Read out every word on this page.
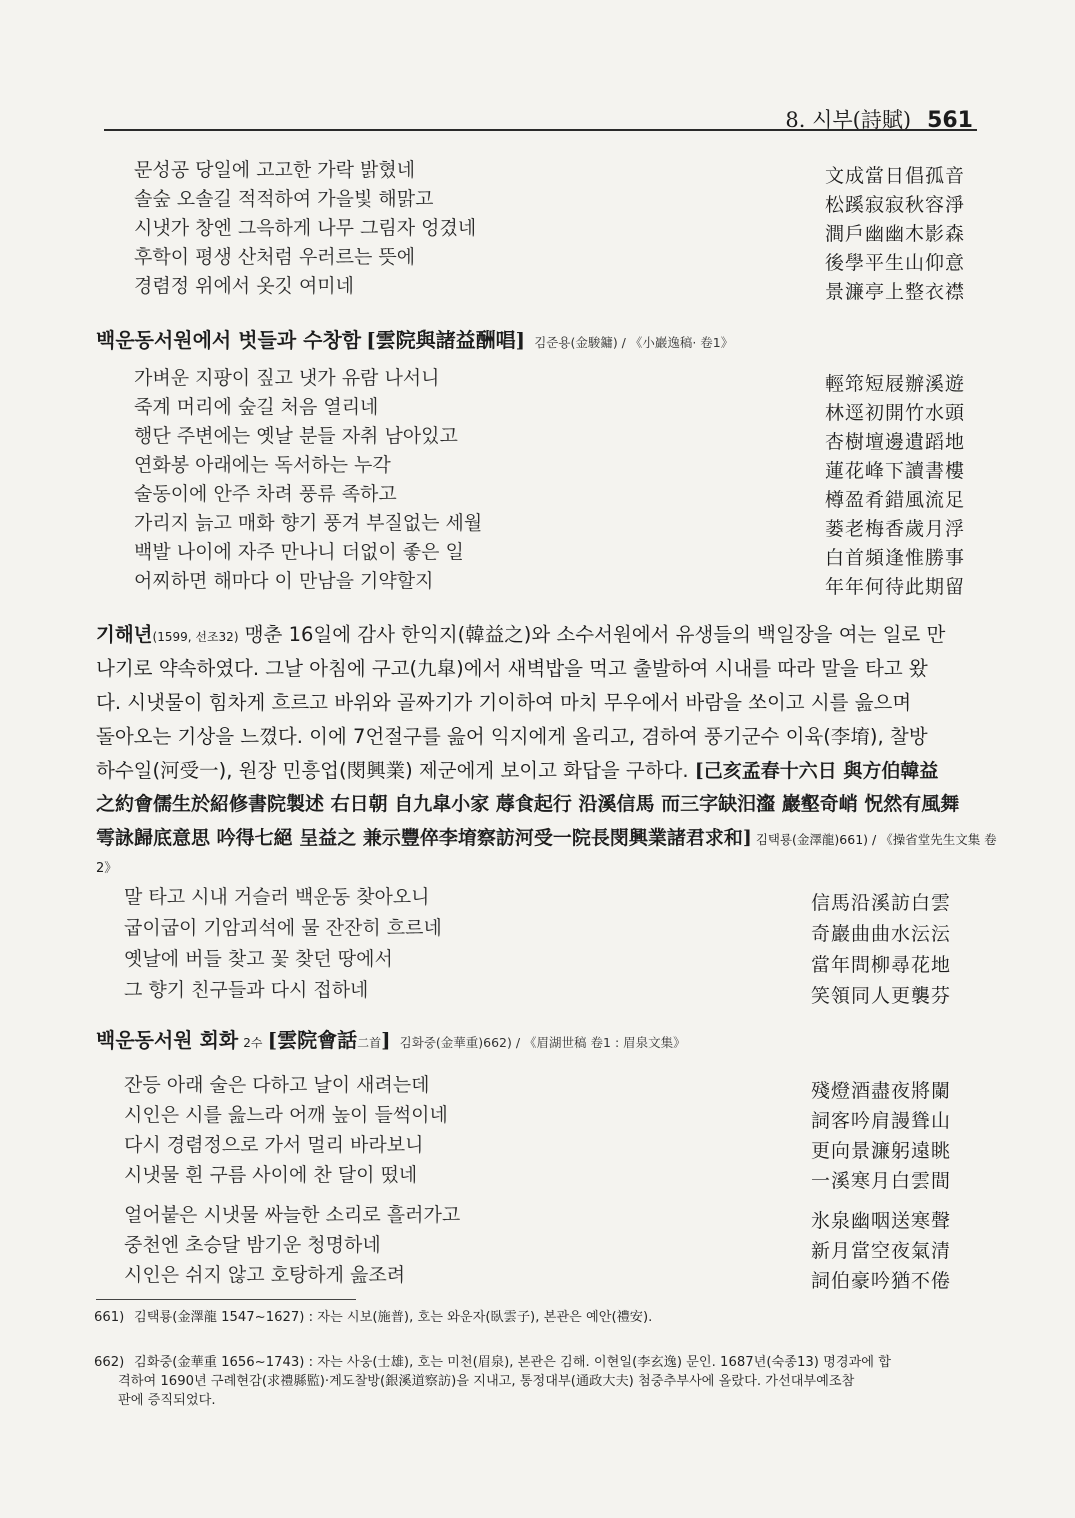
8. 시부(詩賦) 561
문성공 당일에 고고한 가락 밝혔네	文成當日倡孤音
솔숲 오솔길 적적하여 가을빛 해맑고	松蹊寂寂秋容淨
시냇가 창엔 그윽하게 나무 그림자 엉겼네	澗戶幽幽木影森
후학이 평생 산처럼 우러르는 뜻에	後學平生山仰意
경렴정 위에서 옷깃 여미네	景濂亭上整衣襟
백운동서원에서 벗들과 수창함 [雲院與諸益酬唱] 김준용(金駿鏞) / 《小巖逸稿· 卷1》
가벼운 지팡이 짚고 냇가 유람 나서니	輕筇短屐辦溪遊
죽계 머리에 숲길 처음 열리네	林逕初開竹水頭
행단 주변에는 옛날 분들 자취 남아있고	杏樹壇邊遺蹈地
연화봉 아래에는 독서하는 누각	蓮花峰下讀書樓
술동이에 안주 차려 풍류 족하고	樽盈肴錯風流足
가리지 늙고 매화 향기 풍겨 부질없는 세월	蒌老梅香歲月浮
백발 나이에 자주 만나니 더없이 좋은 일	白首頻逢惟勝事
어찌하면 해마다 이 만남을 기약할지	年年何待此期留
기해년(1599, 선조32) 맹춘 16일에 감사 한익지(韓益之)와 소수서원에서 유생들의 백일장을 여는 일로 만
나기로 약속하였다. 그날 아침에 구고(九皐)에서 새벽밥을 먹고 출발하여 시내를 따라 말을 타고 왔
다. 시냇물이 힘차게 흐르고 바위와 골짜기가 기이하여 마치 무우에서 바람을 쏘이고 시를 읊으며
돌아오는 기상을 느꼈다. 이에 7언절구를 읊어 익지에게 올리고, 겸하여 풍기군수 이육(李堉), 찰방
하수일(河受一), 원장 민흥업(閔興業) 제군에게 보이고 화답을 구하다. [己亥孟春十六日 與方伯韓益
之約會儒生於紹修書院製述 右日朝 自九皐小家 蓐食起行 沿溪信馬 而三字缺汨瀣 巖壑奇峭 怳然有風舞
雩詠歸底意思 吟得七絕 呈益之 兼示豐倅李堉察訪河受一院長閔興業諸君求和] 김택룡(金澤龍)661) / 《操省堂先生文集 卷
2》
말 타고 시내 거슬러 백운동 찾아오니	信馬沿溪訪白雲
굽이굽이 기암괴석에 물 잔잔히 흐르네	奇巖曲曲水沄沄
옛날에 버들 찾고 꽃 찾던 땅에서	當年問柳尋花地
그 향기 친구들과 다시 접하네	笑領同人更襲芬
백운동서원 회화 2수 [雲院會話二首] 김화중(金華重)662) / 《眉湖世稿 卷1 : 眉泉文集》
잔등 아래 술은 다하고 날이 새려는데	殘燈酒盡夜將闌
시인은 시를 읊느라 어깨 높이 들썩이네	詞客吟肩謾聳山
다시 경렴정으로 가서 멀리 바라보니	更向景濂躬遠眺
시냇물 흰 구름 사이에 찬 달이 떴네	一溪寒月白雲間
얼어붙은 시냇물 싸늘한 소리로 흘러가고	氷泉幽咽送寒聲
중천엔 초승달 밤기운 청명하네	新月當空夜氣清
시인은 쉬지 않고 호탕하게 읊조려	詞伯豪吟猶不倦
661) 김택룡(金澤龍 1547~1627) : 자는 시보(施普), 호는 와운자(臥雲子), 본관은 예안(禮安).
662) 김화중(金華重 1656~1743) : 자는 사웅(士雄), 호는 미천(眉泉), 본관은 김해. 이현일(李玄逸) 문인. 1687년(숙종13) 명경과에 합
격하여 1690년 구례현감(求禮縣監)·계도찰방(銀溪道察訪)을 지내고, 통정대부(通政大夫) 첨중추부사에 올랐다. 가선대부예조참
판에 증직되었다.
